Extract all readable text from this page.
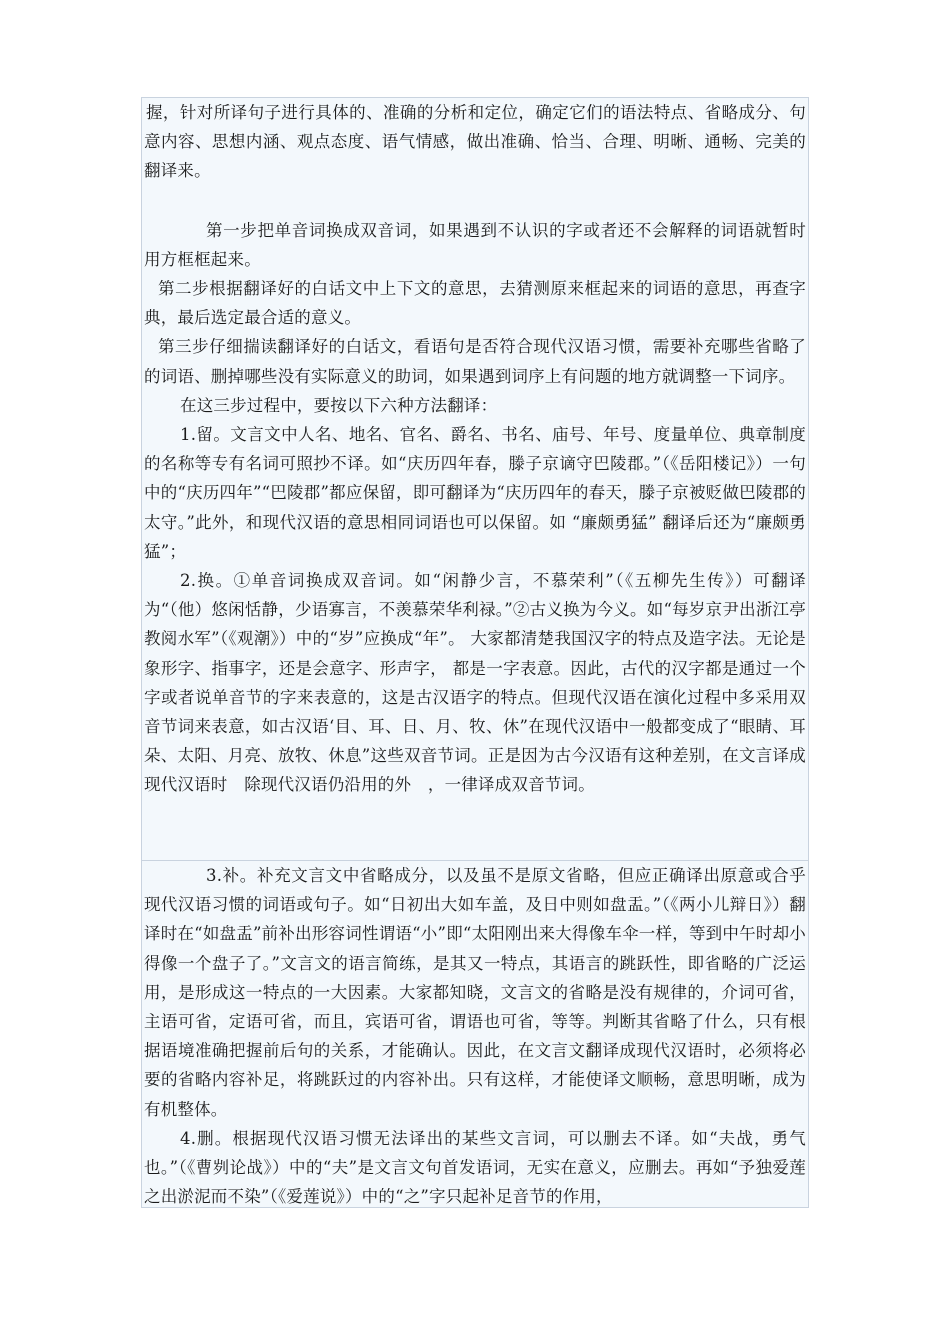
握，针对所译句子进行具体的、准确的分析和定位，确定它们的语法特点、省略成分、句意内容、思想内涵、观点态度、语气情感，做出准确、恰当、合理、明晰、通畅、完美的翻译来。

第一步把单音词换成双音词，如果遇到不认识的字或者还不会解释的词语就暂时用方框框起来。

第二步根据翻译好的白话文中上下文的意思，去猜测原来框起来的词语的意思，再查字典，最后选定最合适的意义。

第三步仔细揣读翻译好的白话文，看语句是否符合现代汉语习惯，需要补充哪些省略了的词语、删掉哪些没有实际意义的助词，如果遇到词序上有问题的地方就调整一下词序。

在这三步过程中，要按以下六种方法翻译：

1.留。文言文中人名、地名、官名、爵名、书名、庙号、年号、度量单位、典章制度的名称等专有名词可照抄不译。如“庆历四年春，滕子京谪守巴陵郡。”（《岳阳楼记》）一句中的“庆历四年”“巴陵郡”都应保留，即可翻译为“庆历四年的春天，滕子京被贬做巴陵郡的太守。”此外，和现代汉语的意思相同词语也可以保留。如 “廉颇勇猛” 翻译后还为“廉颇勇猛”；

2.换。①单音词换成双音词。如“闲静少言，不慕荣利”（《五柳先生传》）可翻译为“（他）悠闲恬静，少语寡言，不羡慕荣华利禄。”②古义换为今义。如“每岁京尹出浙江亭教阅水军”（《观潮》）中的“岁”应换成“年”。 大家都清楚我国汉字的特点及造字法。无论是象形字、指事字，还是会意字、形声字， 都是一字表意。因此，古代的汉字都是通过一个字或者说单音节的字来表意的，这是古汉语字的特点。但现代汉语在演化过程中多采用双音节词来表意，如古汉语‘目、耳、日、月、牧、休”在现代汉语中一般都变成了“眼睛、耳朵、太阳、月亮、放牧、休息”这些双音节词。正是因为古今汉语有这种差别，在文言译成现代汉语时　除现代汉语仍沿用的外　，一律译成双音节词。

3.补。补充文言文中省略成分，以及虽不是原文省略，但应正确译出原意或合乎现代汉语习惯的词语或句子。如“日初出大如车盖，及日中则如盘盂。”（《两小儿辩日》）翻译时在“如盘盂”前补出形容词性谓语“小”即“太阳刚出来大得像车伞一样，等到中午时却小得像一个盘子了。”文言文的语言简练，是其又一特点，其语言的跳跃性，即省略的广泛运用，是形成这一特点的一大因素。大家都知晓，文言文的省略是没有规律的，介词可省，主语可省，定语可省，而且，宾语可省，谓语也可省，等等。判断其省略了什么，只有根据语境准确把握前后句的关系，才能确认。因此，在文言文翻译成现代汉语时，必须将必要的省略内容补足，将跳跃过的内容补出。只有这样，才能使译文顺畅，意思明晰，成为有机整体。

4.删。根据现代汉语习惯无法译出的某些文言词，可以删去不译。如“夫战，勇气也。”（《曹刿论战》）中的“夫”是文言文句首发语词，无实在意义，应删去。再如“予独爱莲之出淤泥而不染”（《爱莲说》）中的“之”字只起补足音节的作用，
